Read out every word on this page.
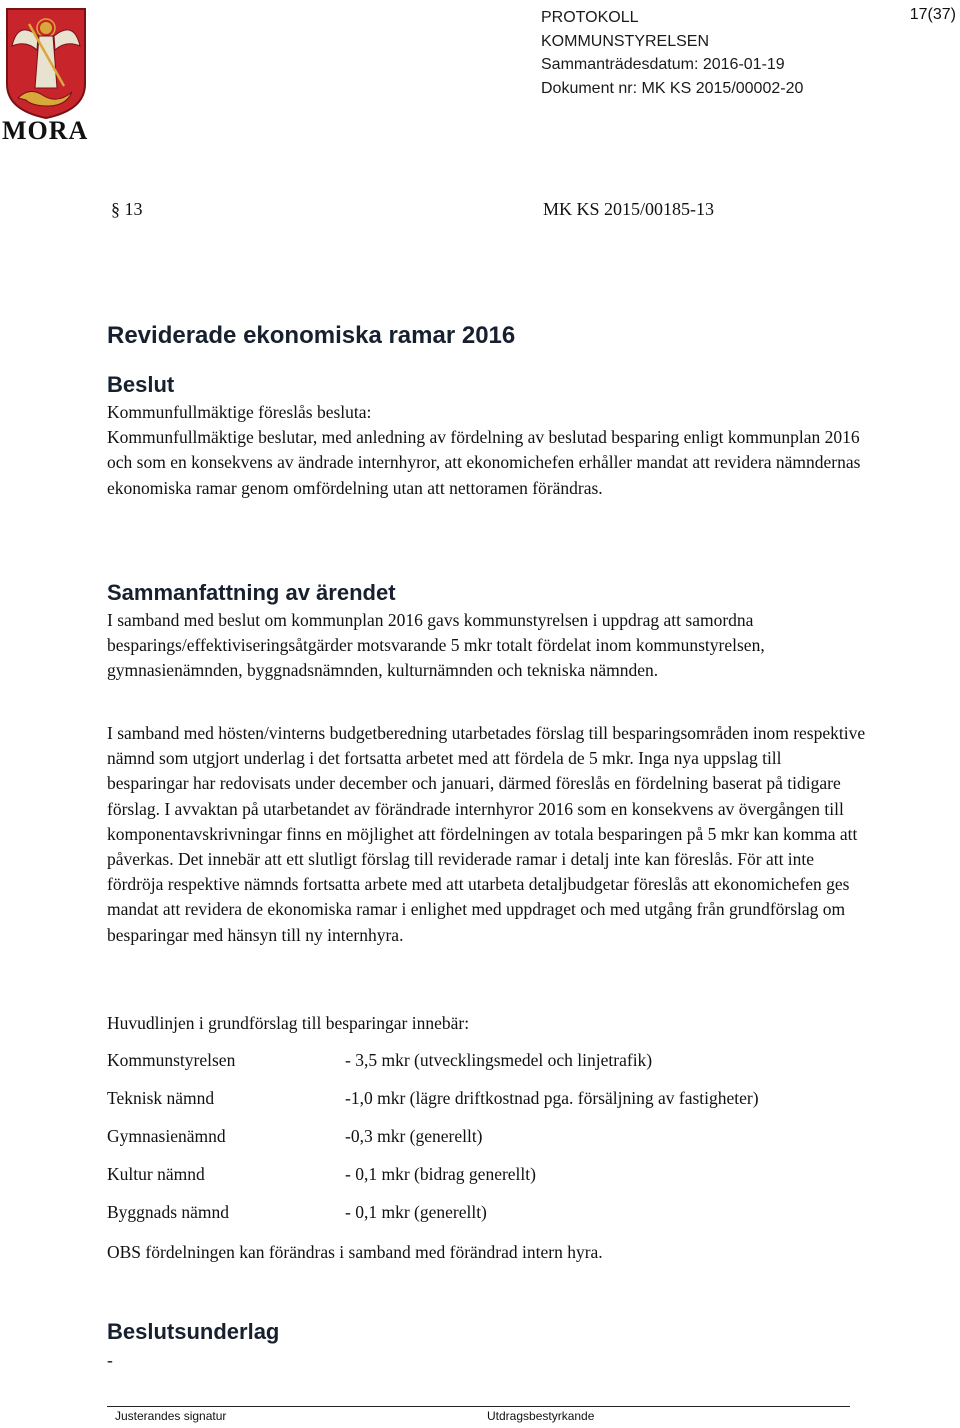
MORA
PROTOKOLL
KOMMUNSTYRELSEN
Sammanträdesdatum: 2016-01-19
Dokument nr: MK KS 2015/00002-20
17(37)
§ 13	MK KS 2015/00185-13
Reviderade ekonomiska ramar 2016
Beslut

Kommunfullmäktige föreslås besluta:

Kommunfullmäktige beslutar, med anledning av fördelning av beslutad besparing enligt kommunplan 2016 och som en konsekvens av ändrade internhyror, att ekonomichefen erhåller mandat att revidera nämndernas ekonomiska ramar genom omfördelning utan att nettoramen förändras.

Sammanfattning av ärendet
I samband med beslut om kommunplan 2016 gavs kommunstyrelsen i uppdrag att samordna besparings/effektiviseringsåtgärder motsvarande 5 mkr totalt fördelat inom kommunstyrelsen, gymnasienämnden, byggnadsnämnden, kulturnämnden och tekniska nämnden.
I samband med hösten/vinterns budgetberedning utarbetades förslag till besparingsområden inom respektive nämnd som utgjort underlag i det fortsatta arbetet med att fördela de 5 mkr. Inga nya uppslag till besparingar har redovisats under december och januari, därmed föreslås en fördelning baserat på tidigare förslag. I avvaktan på utarbetandet av förändrade internhyror 2016 som en konsekvens av övergången till komponentavskrivningar finns en möjlighet att fördelningen av totala besparingen på 5 mkr kan komma att påverkas. Det innebär att ett slutligt förslag till reviderade ramar i detalj inte kan föreslås. För att inte fördröja respektive nämnds fortsatta arbete med att utarbeta detaljbudgetar föreslås att ekonomichefen ges mandat att revidera de ekonomiska ramar i enlighet med uppdraget och med utgång från grundförslag om besparingar med hänsyn till ny internhyra.
Huvudlinjen i grundförslag till besparingar innebär:
Kommunstyrelsen	- 3,5 mkr (utvecklingsmedel och linjetrafik)
Teknisk nämnd	-1,0 mkr (lägre driftkostnad pga. försäljning av fastigheter)
Gymnasienämnd	-0,3 mkr (generellt)
Kultur nämnd	- 0,1 mkr (bidrag generellt)
Byggnads nämnd	- 0,1 mkr (generellt)
OBS fördelningen kan förändras i samband med förändrad intern hyra.
Beslutsunderlag
-
Justerandes signatur	Utdragsbestyrkande
